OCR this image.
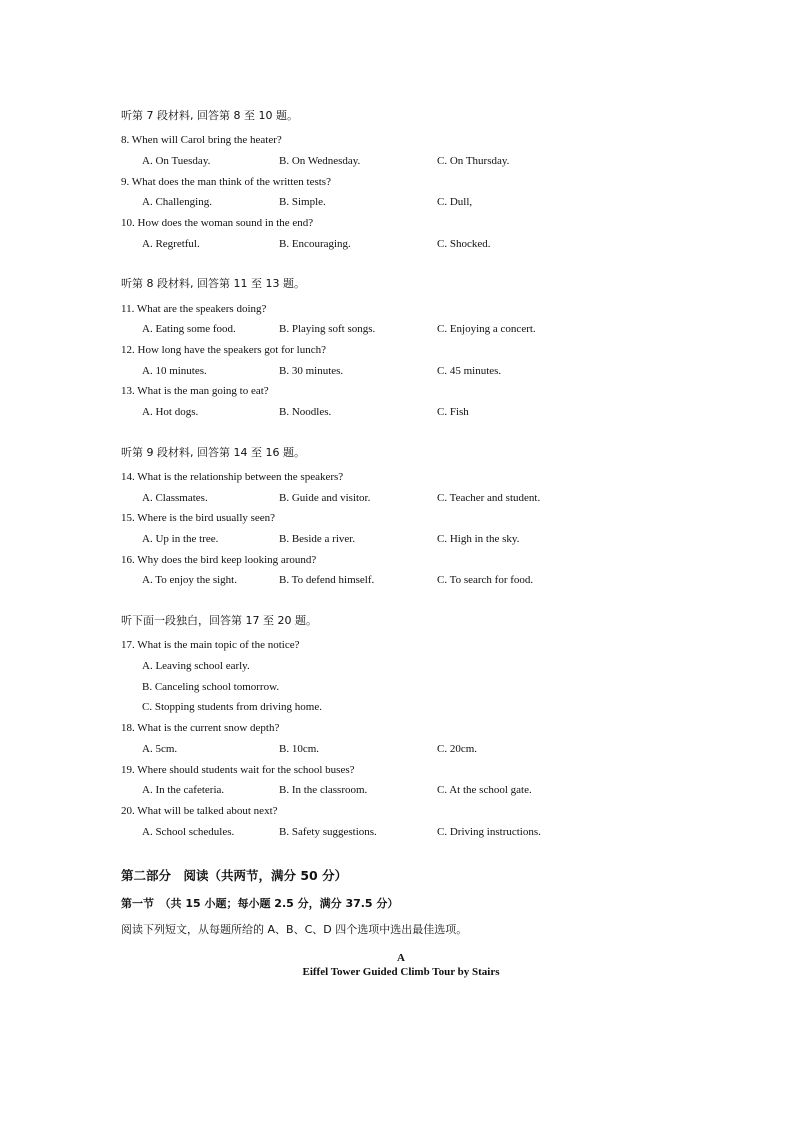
听第 7 段材料, 回答第 8 至 10 题。
8. When will Carol bring the heater?
A. On Tuesday.	B. On Wednesday.	C. On Thursday.
9. What does the man think of the written tests?
A. Challenging.	B. Simple.	C. Dull,
10. How does the woman sound in the end?
A. Regretful.	B. Encouraging.	C. Shocked.
听第 8 段材料, 回答第 11 至 13 题。
11. What are the speakers doing?
A. Eating some food.	B. Playing soft songs.	C. Enjoying a concert.
12. How long have the speakers got for lunch?
A. 10 minutes.	B. 30 minutes.	C. 45 minutes.
13. What is the man going to eat?
A. Hot dogs.	B. Noodles.	C. Fish
听第 9 段材料, 回答第 14 至 16 题。
14. What is the relationship between the speakers?
A. Classmates.	B. Guide and visitor.	C. Teacher and student.
15. Where is the bird usually seen?
A. Up in the tree.	B. Beside a river.	C. High in the sky.
16. Why does the bird keep looking around?
A. To enjoy the sight.	B. To defend himself.	C. To search for food.
听下面一段独白，回答第 17 至 20 题。
17. What is the main topic of the notice?
A. Leaving school early.
B. Canceling school tomorrow.
C. Stopping students from driving home.
18. What is the current snow depth?
A. 5cm.	B. 10cm.	C. 20cm.
19. Where should students wait for the school buses?
A. In the cafeteria.	B. In the classroom.	C. At the school gate.
20. What will be talked about next?
A. School schedules.	B. Safety suggestions.	C. Driving instructions.
第二部分　阅读（共两节，满分 50 分）
第一节　（共 15 小题；每小题 2.5 分，满分 37.5 分）
阅读下列短文，从每题所给的 A、B、C、D 四个选项中选出最佳选项。
A
Eiffel Tower Guided Climb Tour by Stairs
